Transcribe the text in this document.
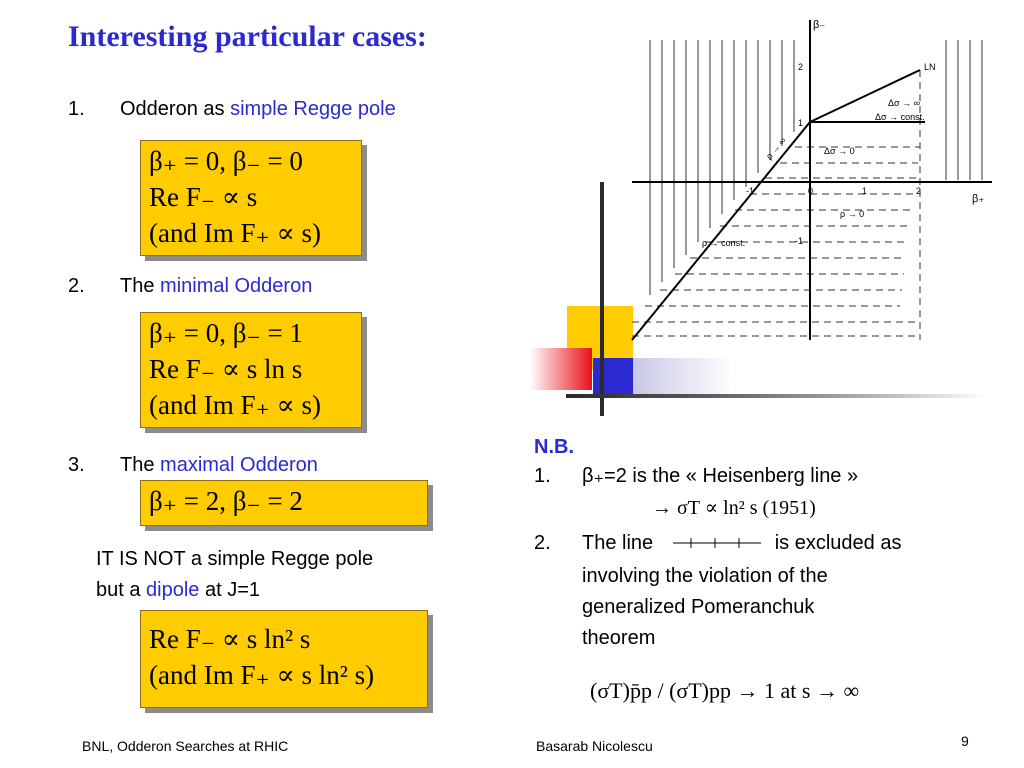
Interesting particular cases:
1. Odderon as simple Regge pole
β₊ = 0, β₋ = 0
Re F₋ ∝ s
(and Im F₊ ∝ s)
2. The minimal Odderon
β₊ = 0, β₋ = 1
Re F₋ ∝ s ln s
(and Im F₊ ∝ s)
3. The maximal Odderon
β₊ = 2, β₋ = 2
IT IS NOT a simple Regge pole
but a dipole at J=1
Re F₋ ∝ s ln² s
(and Im F₊ ∝ s ln² s)
β₋
β₊
2
1
-1
-1	0	1	2
LN
Δσ → ∞
Δσ → const.
Δσ → 0
ρ → ∞
ρ → 0
ρ → const.
N.B.
1. β₊=2 is the « Heisenberg line »
→ σT ∝ ln² s (1951)
2. The line	is excluded as
involving the violation of the
generalized Pomeranchuk
theorem
(σT)p̄p / (σT)pp → 1 at s → ∞
BNL, Odderon Searches at RHIC	Basarab Nicolescu	9
